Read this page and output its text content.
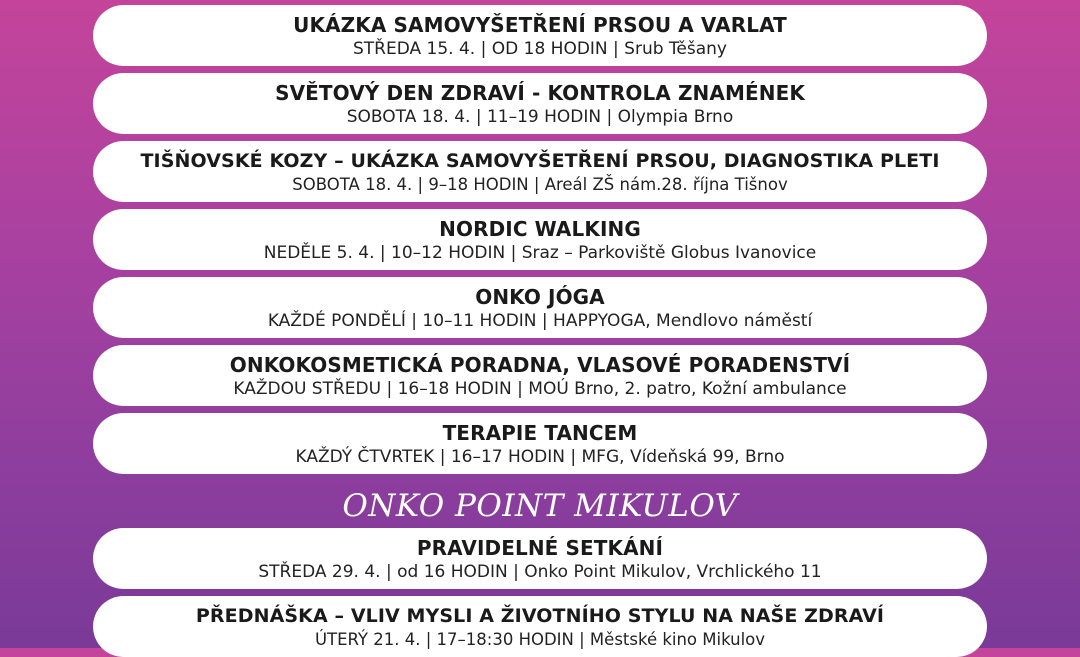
UKÁZKA SAMOVYŠETŘENÍ PRSOU A VARLAT
STŘEDA 15. 4. | OD 18 HODIN | Srub Těšany
SVĚTOVÝ DEN ZDRAVÍ - KONTROLA ZNAMÉNEK
SOBOTA 18. 4. | 11–19 HODIN | Olympia Brno
TIŠŇOVSKÉ KOZY – UKÁZKA SAMOVYŠETŘENÍ PRSOU, DIAGNOSTIKA PLETI
SOBOTA 18. 4. | 9–18 HODIN | Areál ZŠ nám.28. října Tišnov
NORDIC WALKING
NEDĚLE 5. 4. | 10–12 HODIN | Sraz – Parkoviště Globus Ivanovice
ONKO JÓGA
KAŽDÉ PONDĚLÍ | 10–11 HODIN | HAPPYOGA, Mendlovo náměstí
ONKOKOSMETICKÁ PORADNA, VLASOVÉ PORADENSTVÍ
KAŽDOU STŘEDU | 16–18 HODIN | MOÚ Brno, 2. patro, Kožní ambulance
TERAPIE TANCEM
KAŽDÝ ČTVRTEK | 16–17 HODIN | MFG, Vídeňská 99, Brno
ONKO POINT MIKULOV
PRAVIDELNÉ SETKÁNÍ
STŘEDA 29. 4. | od 16 HODIN | Onko Point Mikulov, Vrchlického 11
PŘEDNÁŠKA – VLIV MYSLI A ŽIVOTNÍHO STYLU NA NAŠE ZDRAVÍ
ÚTERÝ 21. 4. | 17–18:30 HODIN | Městské kino Mikulov
